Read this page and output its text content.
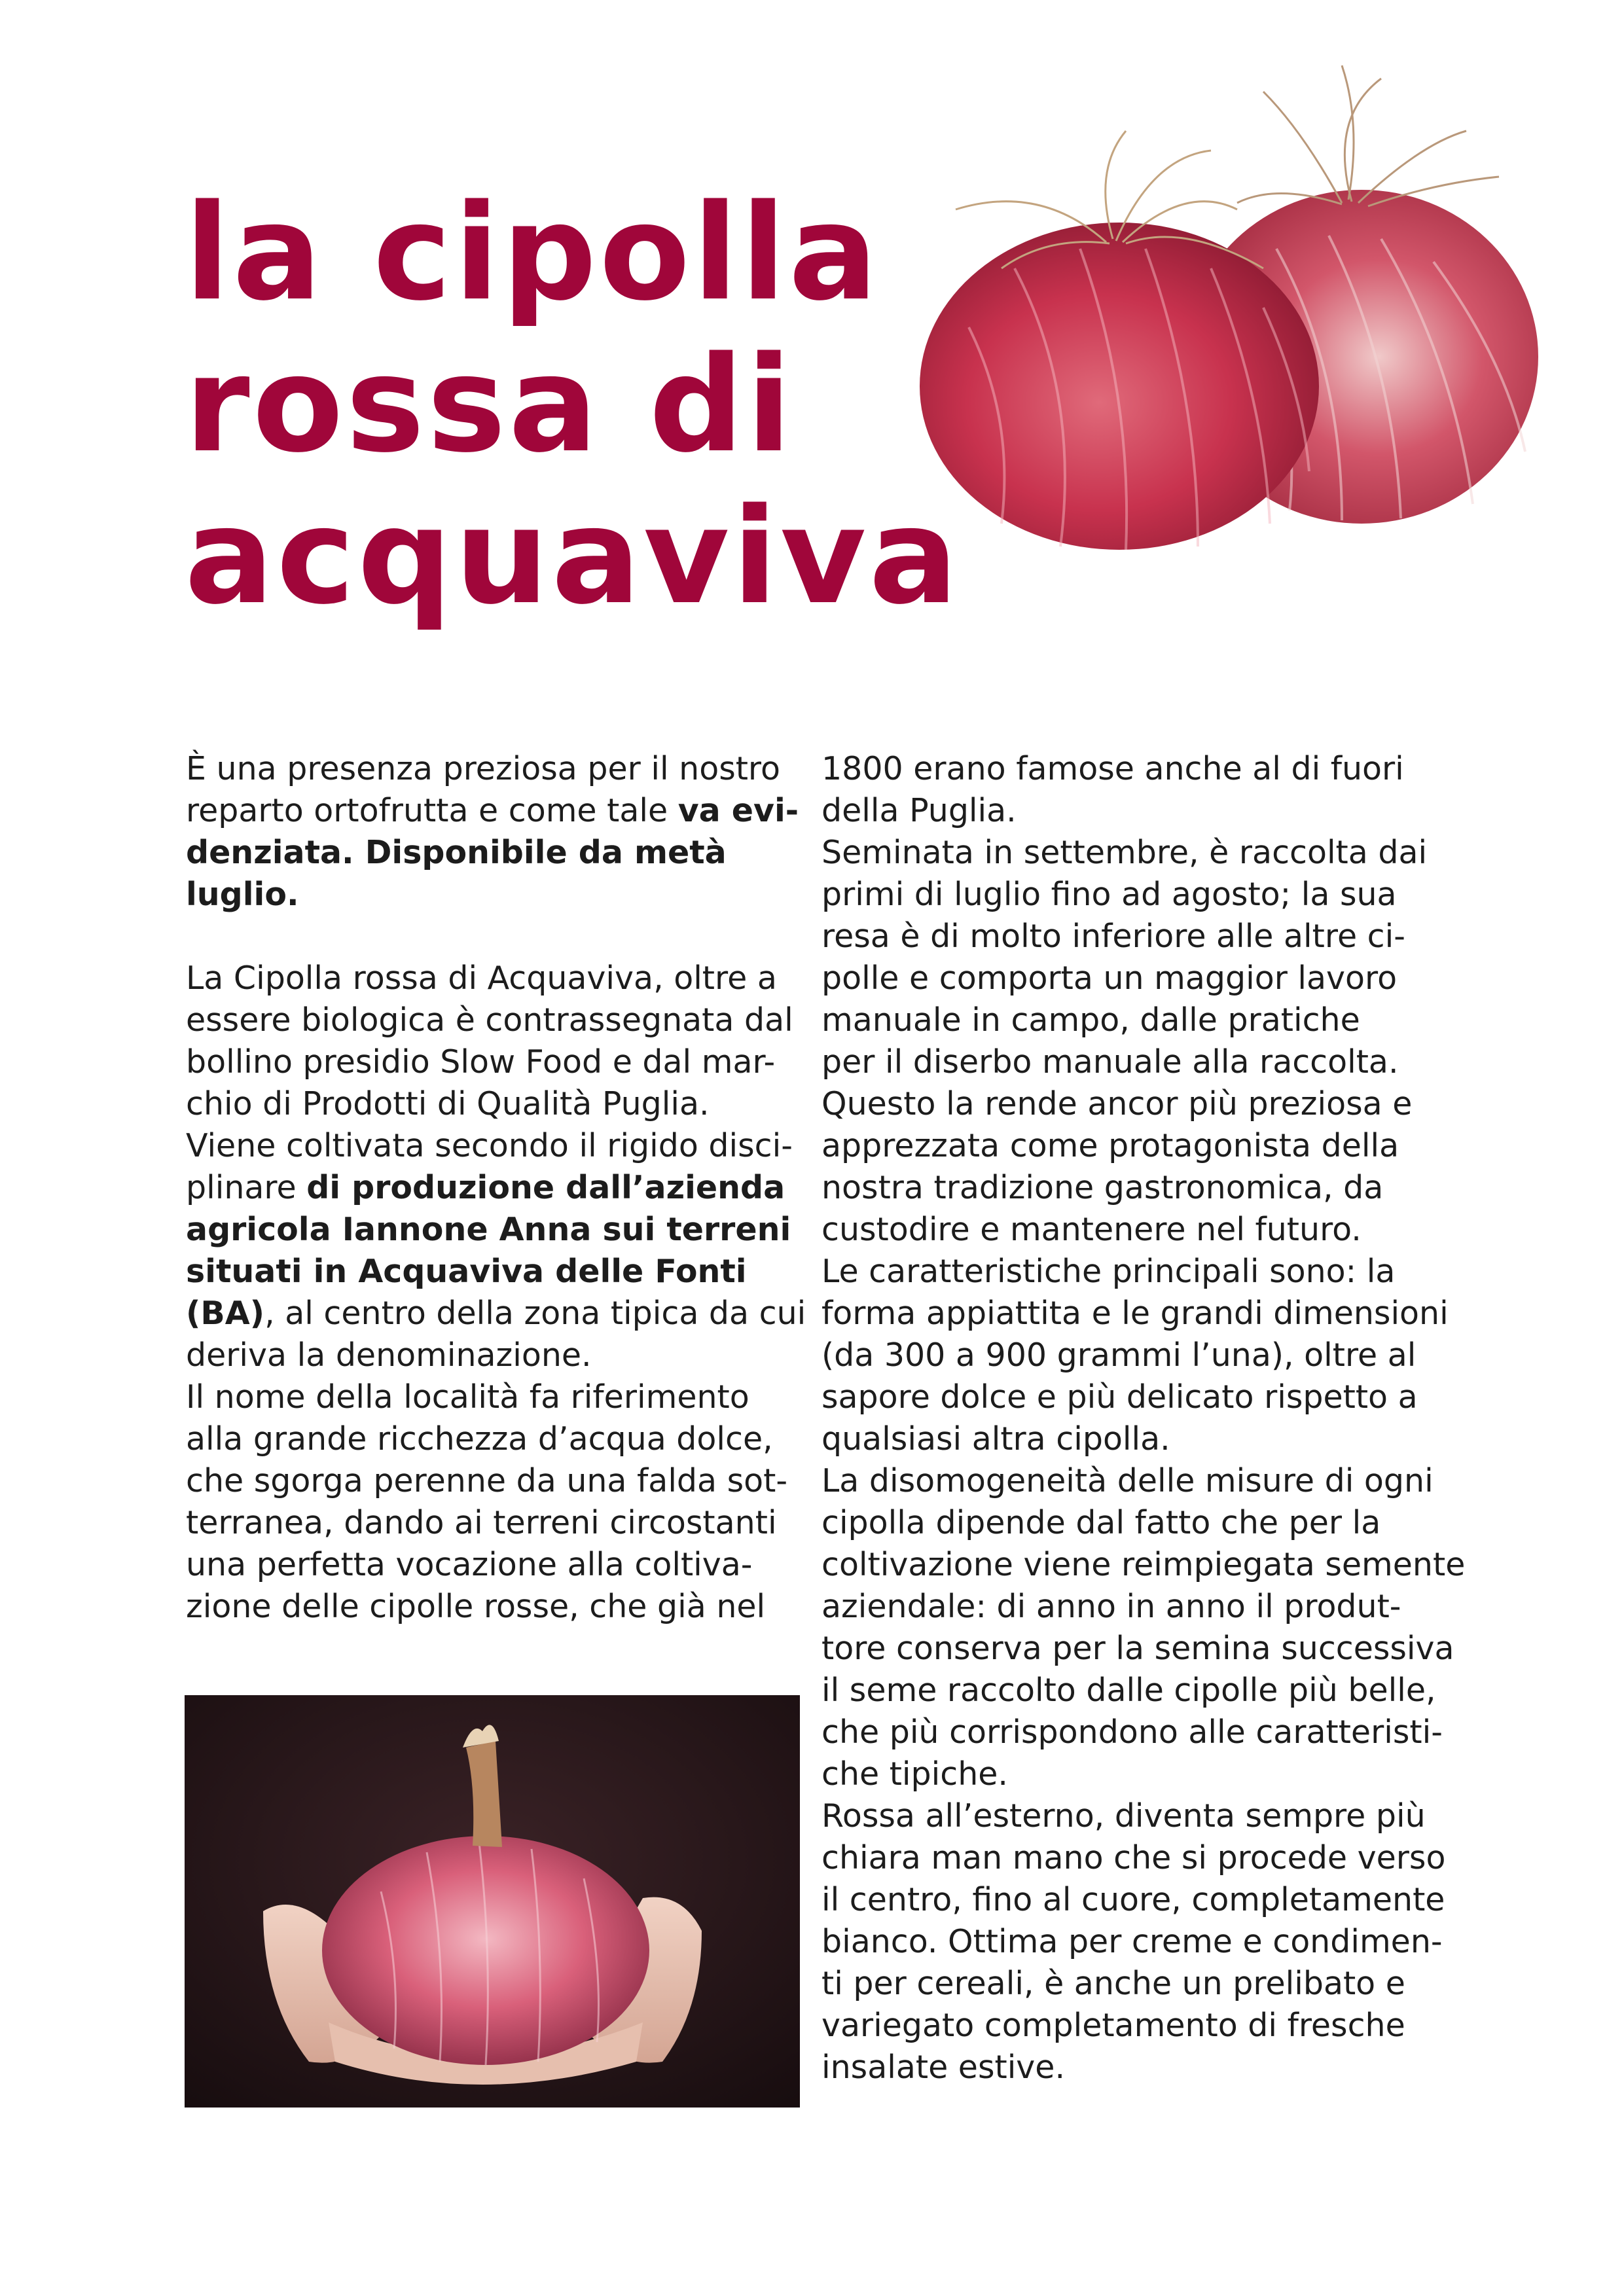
la cipolla
rossa di
acquaviva
È una presenza preziosa per il nostro
reparto ortofrutta e come tale va evi-
denziata. Disponibile da metà
luglio.
La Cipolla rossa di Acquaviva, oltre a
essere biologica è contrassegnata dal
bollino presidio Slow Food e dal mar-
chio di Prodotti di Qualità Puglia.
Viene coltivata secondo il rigido disci-
plinare di produzione dall’azienda
agricola Iannone Anna sui terreni
situati in Acquaviva delle Fonti
(BA), al centro della zona tipica da cui
deriva la denominazione.
Il nome della località fa riferimento
alla grande ricchezza d’acqua dolce,
che sgorga perenne da una falda sot-
terranea, dando ai terreni circostanti
una perfetta vocazione alla coltiva-
zione delle cipolle rosse, che già nel
1800 erano famose anche al di fuori
della Puglia.
Seminata in settembre, è raccolta dai
primi di luglio fino ad agosto; la sua
resa è di molto inferiore alle altre ci-
polle e comporta un maggior lavoro
manuale in campo, dalle pratiche
per il diserbo manuale alla raccolta.
Questo la rende ancor più preziosa e
apprezzata come protagonista della
nostra tradizione gastronomica, da
custodire e mantenere nel futuro.
Le caratteristiche principali sono: la
forma appiattita e le grandi dimensioni
(da 300 a 900 grammi l’una), oltre al
sapore dolce e più delicato rispetto a
qualsiasi altra cipolla.
La disomogeneità delle misure di ogni
cipolla dipende dal fatto che per la
coltivazione viene reimpiegata semente
aziendale: di anno in anno il produt-
tore conserva per la semina successiva
il seme raccolto dalle cipolle più belle,
che più corrispondono alle caratteristi-
che tipiche.
Rossa all’esterno, diventa sempre più
chiara man mano che si procede verso
il centro, fino al cuore, completamente
bianco. Ottima per creme e condimen-
ti per cereali, è anche un prelibato e
variegato completamento di fresche
insalate estive.
